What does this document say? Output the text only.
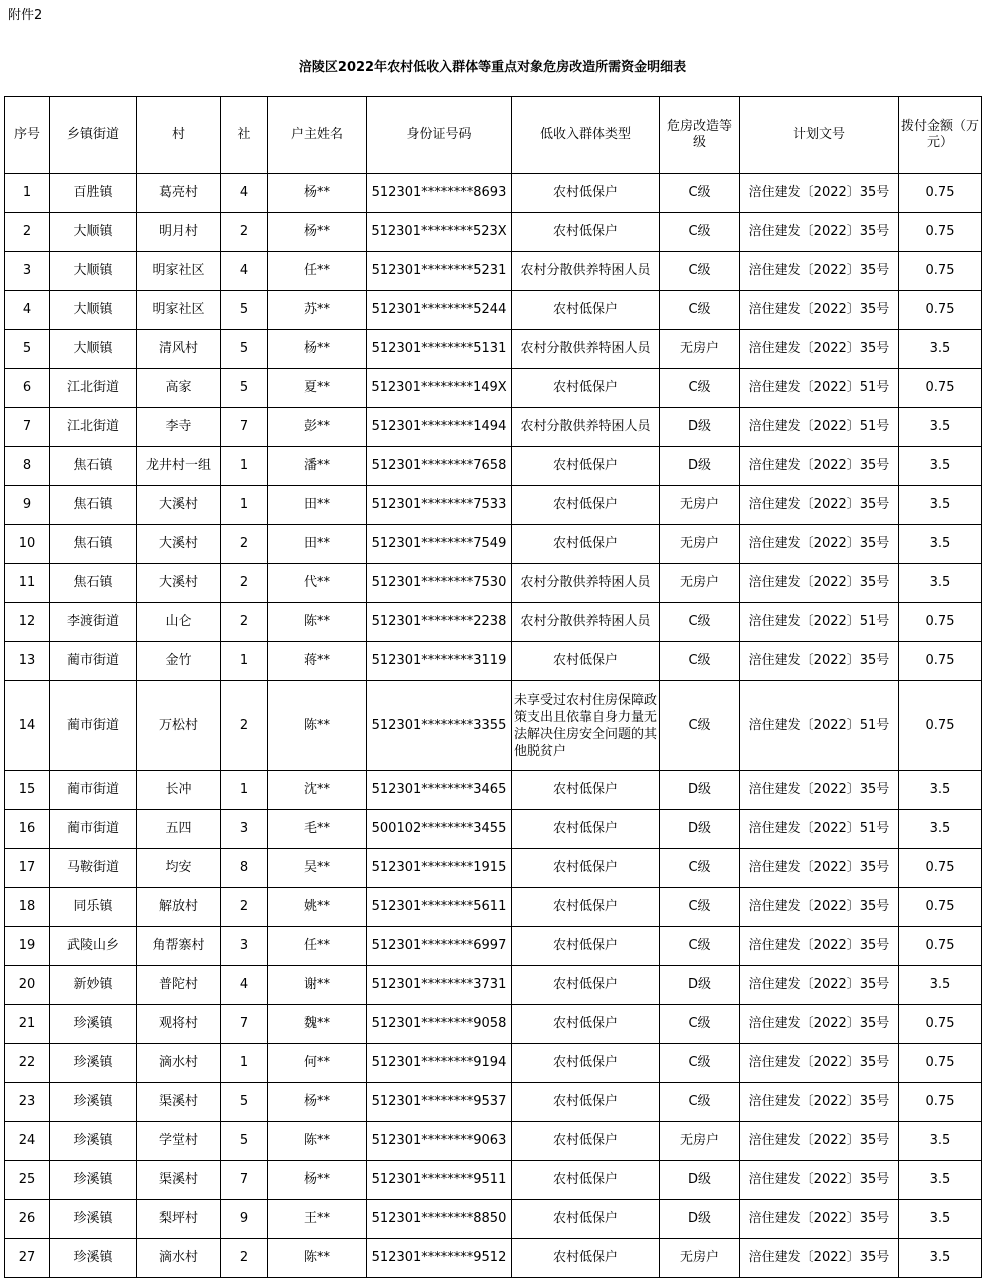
附件2
涪陵区2022年农村低收入群体等重点对象危房改造所需资金明细表
序号	乡镇街道	村	社	户主姓名	身份证号码	低收入群体类型	危房改造等级	计划文号	拨付金额（万元）
1	百胜镇	葛亮村	4	杨**	512301********8693	农村低保户	C级	涪住建发〔2022〕35号	0.75
2	大顺镇	明月村	2	杨**	512301********523X	农村低保户	C级	涪住建发〔2022〕35号	0.75
3	大顺镇	明家社区	4	任**	512301********5231	农村分散供养特困人员	C级	涪住建发〔2022〕35号	0.75
4	大顺镇	明家社区	5	苏**	512301********5244	农村低保户	C级	涪住建发〔2022〕35号	0.75
5	大顺镇	清风村	5	杨**	512301********5131	农村分散供养特困人员	无房户	涪住建发〔2022〕35号	3.5
6	江北街道	高家	5	夏**	512301********149X	农村低保户	C级	涪住建发〔2022〕51号	0.75
7	江北街道	李寺	7	彭**	512301********1494	农村分散供养特困人员	D级	涪住建发〔2022〕51号	3.5
8	焦石镇	龙井村一组	1	潘**	512301********7658	农村低保户	D级	涪住建发〔2022〕35号	3.5
9	焦石镇	大溪村	1	田**	512301********7533	农村低保户	无房户	涪住建发〔2022〕35号	3.5
10	焦石镇	大溪村	2	田**	512301********7549	农村低保户	无房户	涪住建发〔2022〕35号	3.5
11	焦石镇	大溪村	2	代**	512301********7530	农村分散供养特困人员	无房户	涪住建发〔2022〕35号	3.5
12	李渡街道	山仑	2	陈**	512301********2238	农村分散供养特困人员	C级	涪住建发〔2022〕51号	0.75
13	蔺市街道	金竹	1	蒋**	512301********3119	农村低保户	C级	涪住建发〔2022〕35号	0.75
14	蔺市街道	万松村	2	陈**	512301********3355	未享受过农村住房保障政策支出且依靠自身力量无法解决住房安全问题的其他脱贫户	C级	涪住建发〔2022〕51号	0.75
15	蔺市街道	长冲	1	沈**	512301********3465	农村低保户	D级	涪住建发〔2022〕35号	3.5
16	蔺市街道	五四	3	毛**	500102********3455	农村低保户	D级	涪住建发〔2022〕51号	3.5
17	马鞍街道	均安	8	吴**	512301********1915	农村低保户	C级	涪住建发〔2022〕35号	0.75
18	同乐镇	解放村	2	姚**	512301********5611	农村低保户	C级	涪住建发〔2022〕35号	0.75
19	武陵山乡	角帮寨村	3	任**	512301********6997	农村低保户	C级	涪住建发〔2022〕35号	0.75
20	新妙镇	普陀村	4	谢**	512301********3731	农村低保户	D级	涪住建发〔2022〕35号	3.5
21	珍溪镇	观将村	7	魏**	512301********9058	农村低保户	C级	涪住建发〔2022〕35号	0.75
22	珍溪镇	滴水村	1	何**	512301********9194	农村低保户	C级	涪住建发〔2022〕35号	0.75
23	珍溪镇	渠溪村	5	杨**	512301********9537	农村低保户	C级	涪住建发〔2022〕35号	0.75
24	珍溪镇	学堂村	5	陈**	512301********9063	农村低保户	无房户	涪住建发〔2022〕35号	3.5
25	珍溪镇	渠溪村	7	杨**	512301********9511	农村低保户	D级	涪住建发〔2022〕35号	3.5
26	珍溪镇	梨坪村	9	王**	512301********8850	农村低保户	D级	涪住建发〔2022〕35号	3.5
27	珍溪镇	滴水村	2	陈**	512301********9512	农村低保户	无房户	涪住建发〔2022〕35号	3.5
